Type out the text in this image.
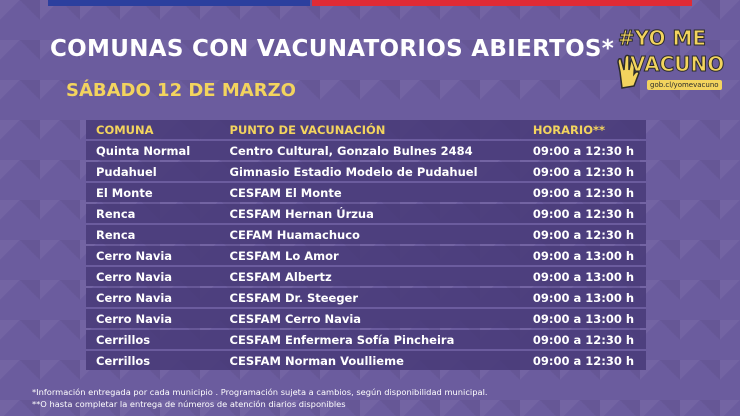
COMUNAS CON VACUNATORIOS ABIERTOS*
SÁBADO 12 DE MARZO
#YO ME
VACUNO
gob.cl/yomevacuno
COMUNA	PUNTO DE VACUNACIÓN	HORARIO**
Quinta Normal	Centro Cultural, Gonzalo Bulnes 2484	09:00 a 12:30 h
Pudahuel	Gimnasio Estadio Modelo de Pudahuel	09:00 a 12:30 h
El Monte	CESFAM El Monte	09:00 a 12:30 h
Renca	CESFAM Hernan Úrzua	09:00 a 12:30 h
Renca	CEFAM Huamachuco	09:00 a 12:30 h
Cerro Navia	CESFAM Lo Amor	09:00 a 13:00 h
Cerro Navia	CESFAM Albertz	09:00 a 13:00 h
Cerro Navia	CESFAM Dr. Steeger	09:00 a 13:00 h
Cerro Navia	CESFAM Cerro Navia	09:00 a 13:00 h
Cerrillos	CESFAM Enfermera Sofía Pincheira	09:00 a 12:30 h
Cerrillos	CESFAM Norman Voullieme	09:00 a 12:30 h
*Información entregada por cada municipio . Programación sujeta a cambios, según disponibilidad municipal.
**O hasta completar la entrega de números de atención diarios disponibles
